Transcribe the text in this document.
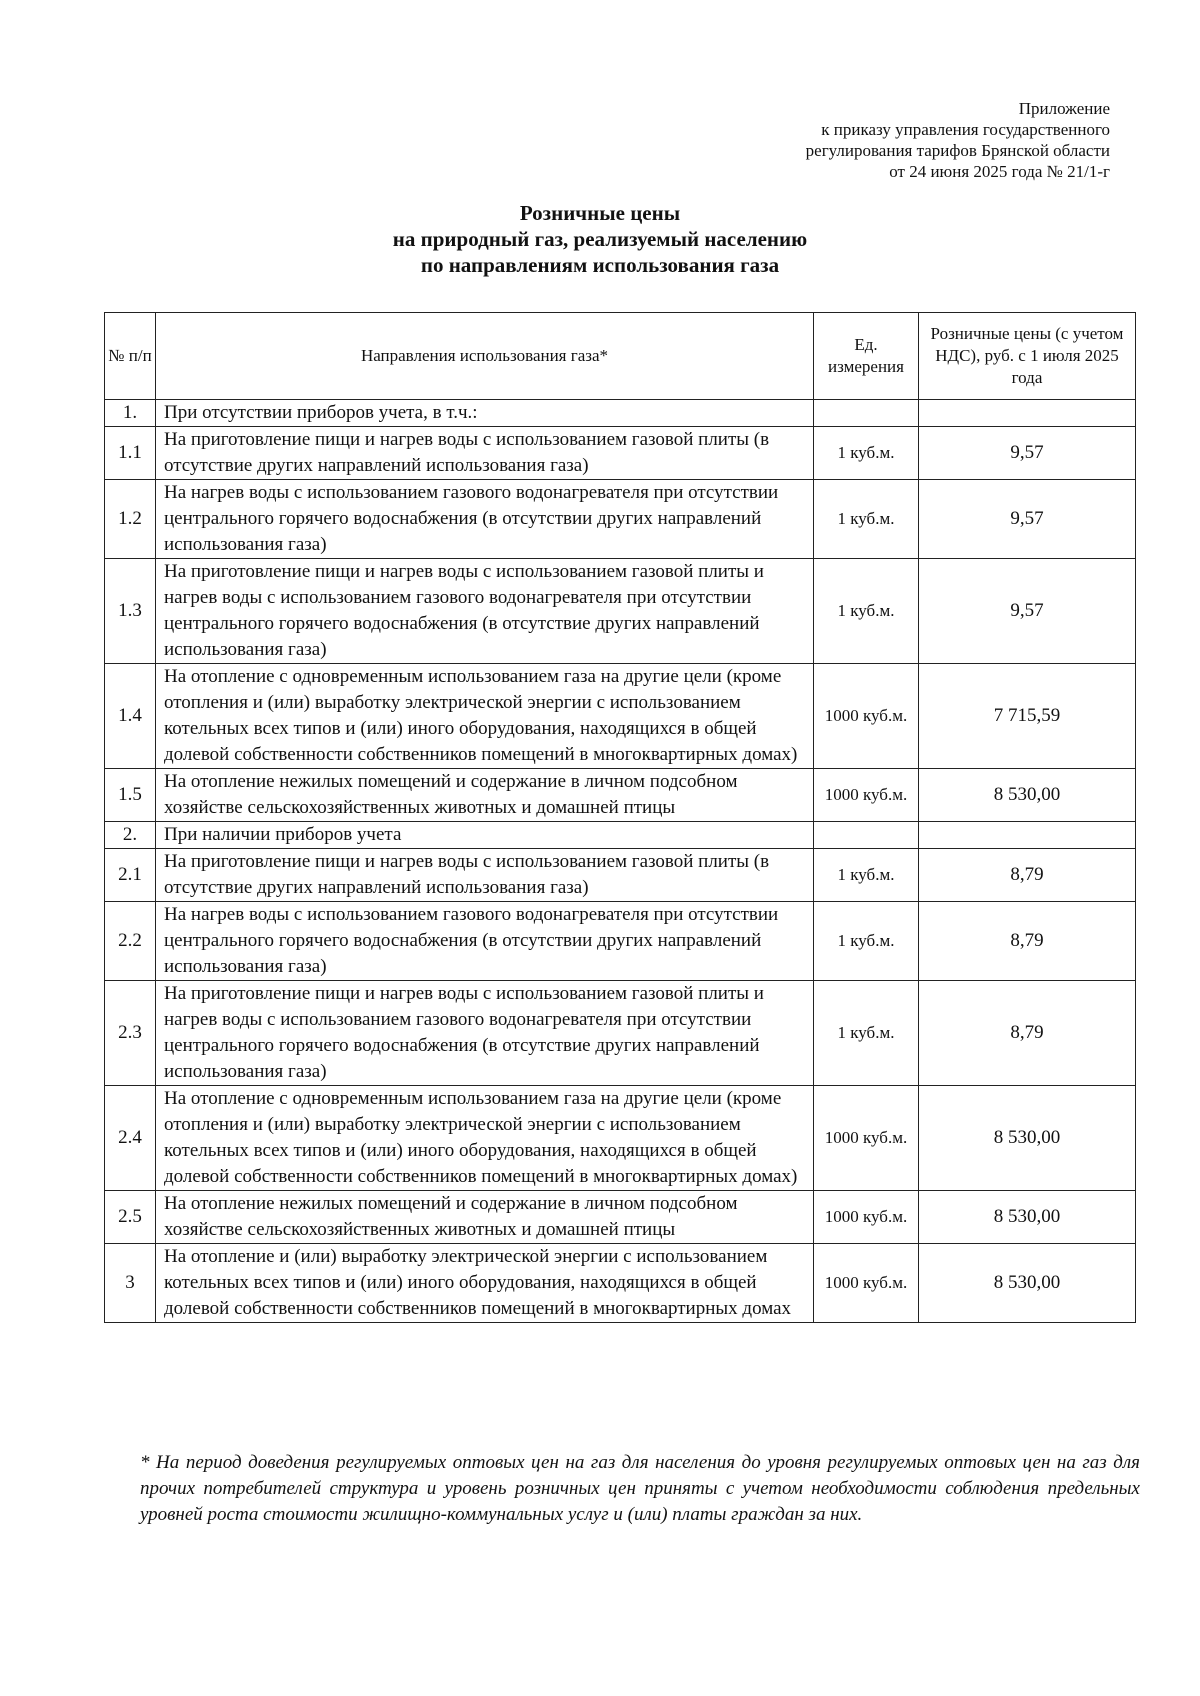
Приложение
к приказу управления государственного
регулирования тарифов Брянской области
от 24 июня 2025 года № 21/1-г
Розничные цены
на природный газ, реализуемый населению
по направлениям использования газа
№ п/п	Направления использования газа*	Ед. измерения	Розничные цены (с учетом НДС), руб. с 1 июля 2025 года
1.	При отсутствии приборов учета, в т.ч.:		
1.1	На приготовление пищи и нагрев воды с использованием газовой плиты (в отсутствие других направлений использования газа)	1 куб.м.	9,57
1.2	На нагрев воды с использованием газового водонагревателя при отсутствии центрального горячего водоснабжения (в отсутствии других направлений использования газа)	1 куб.м.	9,57
1.3	На приготовление пищи и нагрев воды с использованием газовой плиты и нагрев воды с использованием газового водонагревателя при отсутствии центрального горячего водоснабжения (в отсутствие других направлений использования газа)	1 куб.м.	9,57
1.4	На отопление с одновременным использованием газа на другие цели (кроме отопления и (или) выработку электрической энергии с использованием котельных всех типов и (или) иного оборудования, находящихся в общей долевой собственности собственников помещений в многоквартирных домах)	1000 куб.м.	7 715,59
1.5	На отопление нежилых помещений и содержание в личном подсобном хозяйстве сельскохозяйственных животных и домашней птицы	1000 куб.м.	8 530,00
2.	При наличии приборов учета		
2.1	На приготовление пищи и нагрев воды с использованием газовой плиты (в отсутствие других направлений использования газа)	1 куб.м.	8,79
2.2	На нагрев воды с использованием газового водонагревателя при отсутствии центрального горячего водоснабжения (в отсутствии других направлений использования газа)	1 куб.м.	8,79
2.3	На приготовление пищи и нагрев воды с использованием газовой плиты и нагрев воды с использованием газового водонагревателя при отсутствии центрального горячего водоснабжения (в отсутствие других направлений использования газа)	1 куб.м.	8,79
2.4	На отопление с одновременным использованием газа на другие цели (кроме отопления и (или) выработку электрической энергии с использованием котельных всех типов и (или) иного оборудования, находящихся в общей долевой собственности собственников помещений в многоквартирных домах)	1000 куб.м.	8 530,00
2.5	На отопление нежилых помещений и содержание в личном подсобном хозяйстве сельскохозяйственных животных и домашней птицы	1000 куб.м.	8 530,00
3	На отопление и (или) выработку электрической энергии с использованием котельных всех типов и (или) иного оборудования, находящихся в общей долевой собственности собственников помещений в многоквартирных домах	1000 куб.м.	8 530,00
* На период доведения регулируемых оптовых цен на газ для населения до уровня регулируемых оптовых цен на газ для прочих потребителей структура и уровень розничных цен приняты с учетом необходимости соблюдения предельных уровней роста стоимости жилищно-коммунальных услуг и (или) платы граждан за них.
